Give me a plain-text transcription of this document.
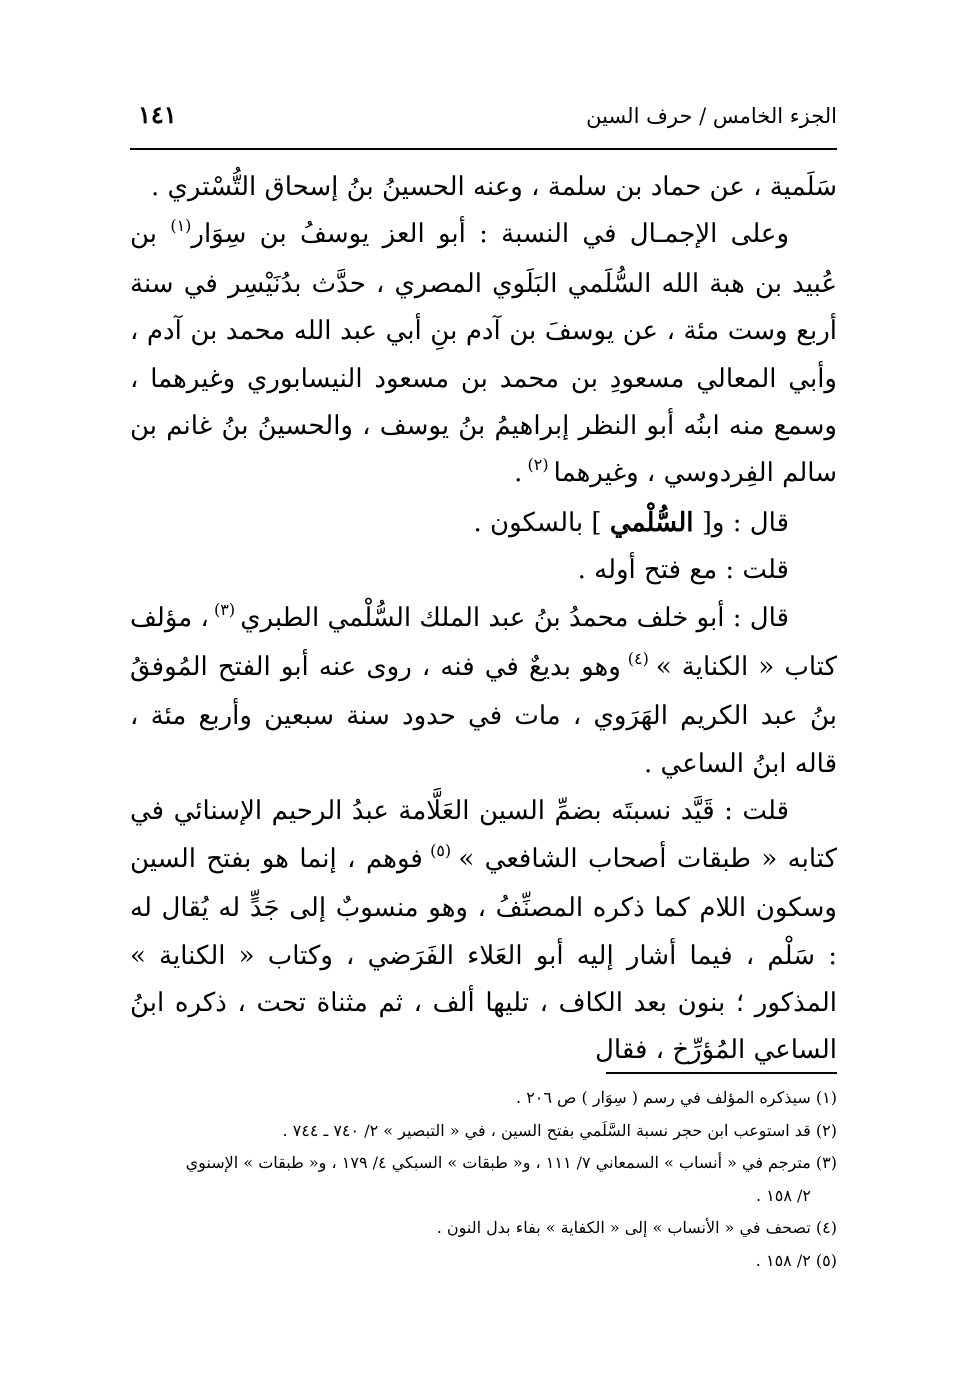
الجزء الخامس / حرف السين
١٤١

سَلَمية ، عن حماد بن سلمة ، وعنه الحسينُ بنُ إسحاق التُّسْتري .

وعلى الإجمـال في النسبة : أبو العز يوسفُ بن سِوَار$^{(١)}$ بن عُبيد بن هبة الله السُّلَمي البَلَوي المصري ، حدَّث بدُنَيْسِر في سنة أربع وست مئة ، عن يوسفَ بن آدم بنِ أبي عبد الله محمد بن آدم ، وأبي المعالي مسعودِ بن محمد بن مسعود النيسابوري وغيرهما ، وسمع منه ابنُه أبو النظر إبراهيمُ بنُ يوسف ، والحسينُ بنُ غانم بن سالم الفِردوسي ، وغيرهما $^{(٢)}$ .

قال : و[ السُّلْمي ] بالسكون .

قلت : مع فتح أوله .

قال : أبو خلف محمدُ بنُ عبد الملك السُّلْمي الطبري $^{(٣)}$ ، مؤلف كتاب « الكناية » $^{(٤)}$ وهو بديعٌ في فنه ، روى عنه أبو الفتح المُوفقُ بنُ عبد الكريم الهَرَوي ، مات في حدود سنة سبعين وأربع مئة ، قاله ابنُ الساعي .

قلت : قَيَّد نسبتَه بضمِّ السين العَلَّامة عبدُ الرحيم الإسنائي في كتابه « طبقات أصحاب الشافعي » $^{(٥)}$ فوهم ، إنما هو بفتح السين وسكون اللام كما ذكره المصنِّفُ ، وهو منسوبٌ إلى جَدٍّ له يُقال له : سَلْم ، فيما أشار إليه أبو العَلاء الفَرَضي ، وكتاب « الكناية » المذكور ؛ بنون بعد الكاف ، تليها ألف ، ثم مثناة تحت ، ذكره ابنُ الساعي المُؤرِّخ ، فقال

(١) سيذكره المؤلف في رسم ( سِوَار ) ص ٢٠٦ .

(٢) قد استوعب ابن حجر نسبة السَّلَمي بفتح السين ، في « التبصير » ٢/ ٧٤٠ ـ ٧٤٤ .

(٣) مترجم في « أنساب » السمعاني ٧/ ١١١ ، و« طبقات » السبكي ٤/ ١٧٩ ، و« طبقات » الإسنوي

٢/ ١٥٨ .

(٤) تصحف في « الأنساب » إلى « الكفاية » بفاء بدل النون .

(٥) ٢/ ١٥٨ .
